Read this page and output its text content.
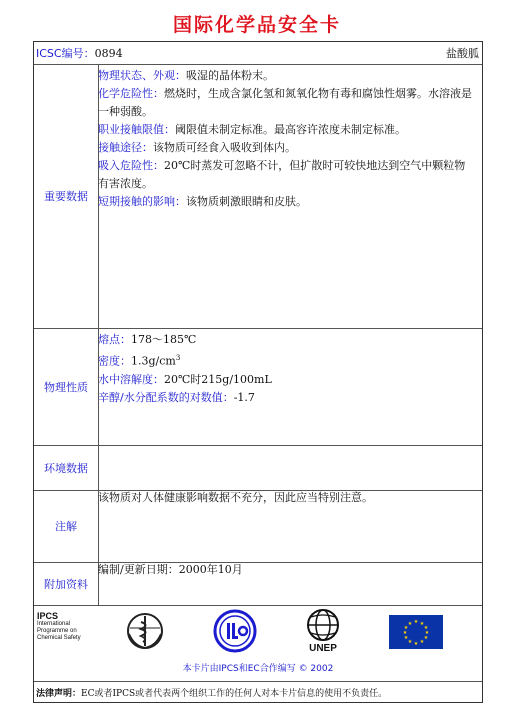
国际化学品安全卡
ICSC编号： 0894	盐酸胍
重要数据
物理状态、外观：吸湿的晶体粉末。
化学危险性：燃烧时，生成含氯化氢和氮氧化物有毒和腐蚀性烟雾。水溶液是一种弱酸。
职业接触限值：阈限值未制定标准。最高容许浓度未制定标准。
接触途径：该物质可经食入吸收到体内。
吸入危险性：20℃时蒸发可忽略不计，但扩散时可较快地达到空气中颗粒物有害浓度。
短期接触的影响：该物质刺激眼睛和皮肤。
物理性质
熔点：178～185℃
密度：$1.3g/cm^3$
水中溶解度：20℃时215g/100mL
辛醇/水分配系数的对数值：-1.7
环境数据
注解
该物质对人体健康影响数据不充分，因此应当特别注意。
附加资料
编制/更新日期：2000年10月
IPCS
International
Programme on
Chemical Safety
UNEP
★ ★
★
★
★
★
★
★
★
★
★
★
本卡片由IPCS和EC合作编写 © 2002
法律声明： EC或者IPCS或者代表两个组织工作的任何人对本卡片信息的使用不负责任。
